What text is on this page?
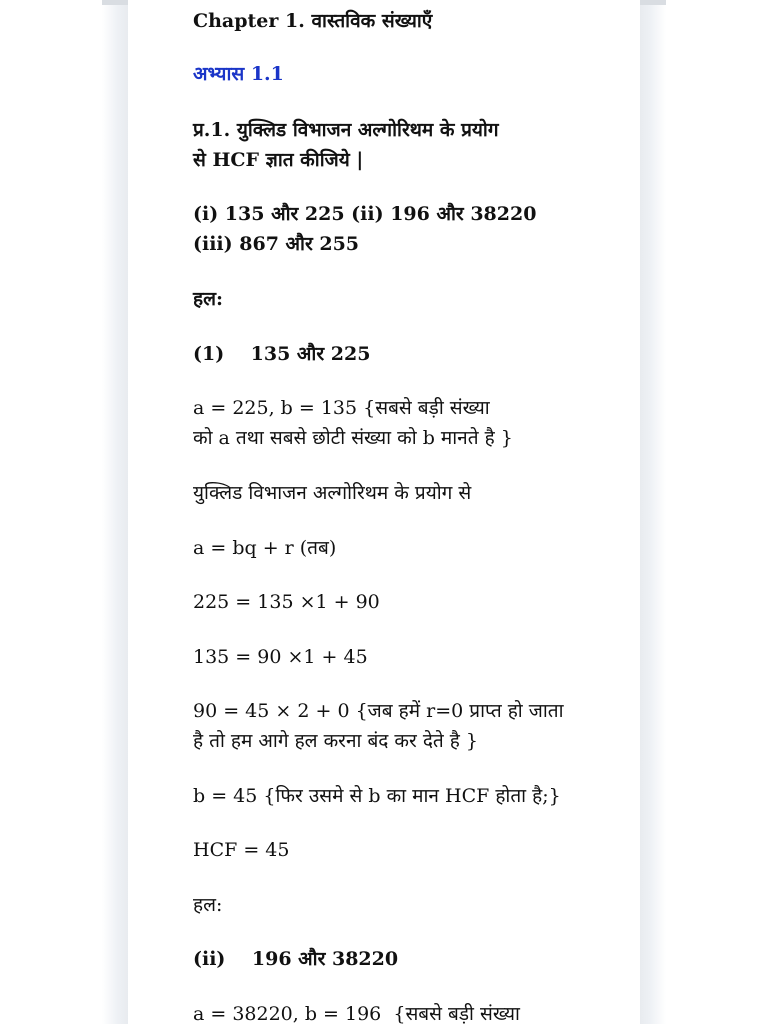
Chapter 1. वास्तविक संख्याएँ
अभ्यास 1.1
प्र.1. युक्लिड विभाजन अल्गोरिथम के प्रयोग
से HCF ज्ञात कीजिये |
(i) 135 और 225 (ii) 196 और 38220
(iii) 867 और 255
हल:
(1)    135 और 225
a = 225, b = 135 {सबसे बड़ी संख्या
को a तथा सबसे छोटी संख्या को b मानते है }
युक्लिड विभाजन अल्गोरिथम के प्रयोग से
a = bq + r (तब)
225 = 135 ×1 + 90
135 = 90 ×1 + 45
90 = 45 × 2 + 0 {जब हमें r=0 प्राप्त हो जाता
है तो हम आगे हल करना बंद कर देते है }
b = 45 {फिर उसमे से b का मान HCF होता है;}
HCF = 45
हल:
(ii)    196 और 38220
a = 38220, b = 196  {सबसे बड़ी संख्या
